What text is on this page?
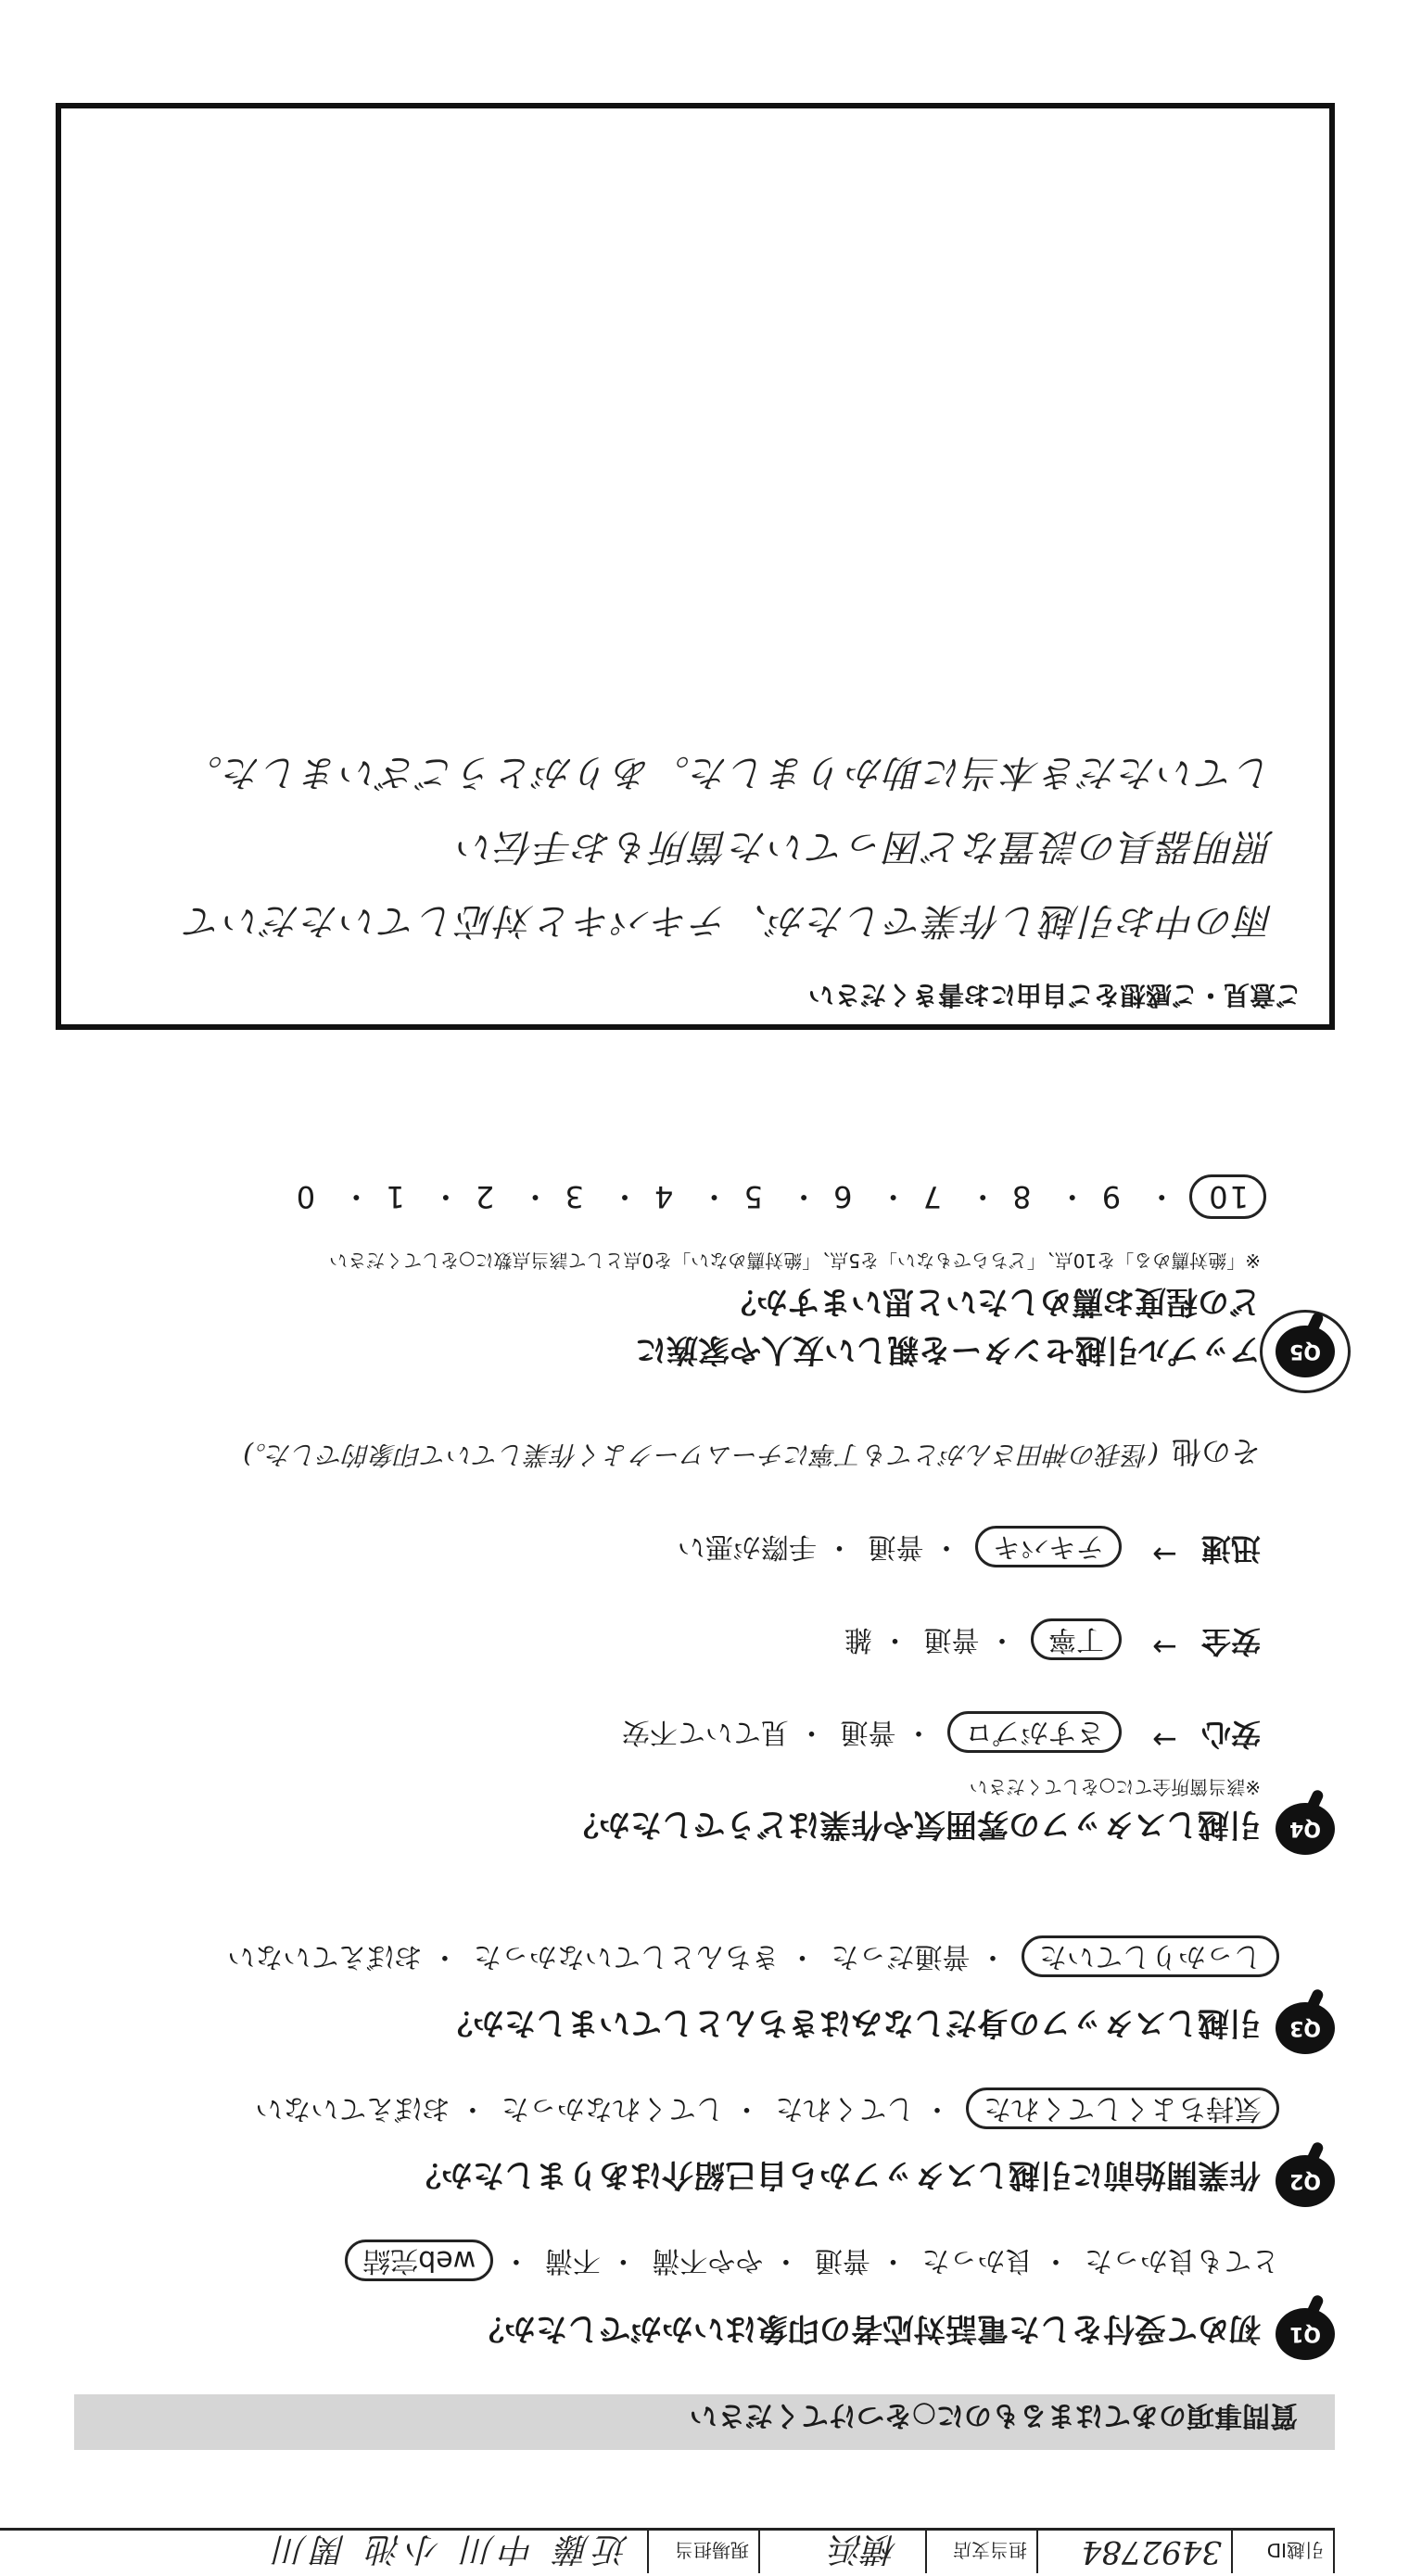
引越ID
3492784
担当支店
横浜
現場担当
近藤 中川 小池 関川
質問事項のあてはまるものに○をつけてください
Q1
初めて受付をした電話対応者の印象はいかがでしたか？
とても良かった・ 良かった・ 普通・ やや不満・ 不満・ web完結
Q2
作業開始前に引越しスタッフから自己紹介はありましたか？
気持ちよくしてくれた・ してくれた・ してくれなかった・ おぼえていない
Q3
引越しスタッフの身だしなみはきちんとしていましたか？
しっかりしていた・ 普通だった・ きちんとしていなかった・ おぼえていない
Q4
引越しスタッフの雰囲気や作業はどうでしたか？
※該当箇所全てに○をしてください
安心
→
さすがプロ・ 普通・ 見ていて不安
安全
→
丁寧・ 普通・ 雑
迅速
→
テキパキ・ 普通・ 手際が悪い
その他
(怪我の神田さんがとても丁寧にチームワークよく作業していて印象的でした。)
Q5
アップル引越センターを親しい友人や家族に
どの程度お薦めしたいと思いますか？
※「絶対薦める」を10点、「どちらでもない」を5点、「絶対薦めない」を0点として該当点数に○をしてください
10・ 9・ 8・ 7・ 6・ 5・ 4・ 3・ 2・ 1・ 0
ご意見・ご感想をご自由にお書きください
雨の中お引越し作業でしたが、テキパキと対応していただいて
照明器具の設置など困っていた箇所もお手伝い
していただき本当に助かりました。ありがとうございました。
